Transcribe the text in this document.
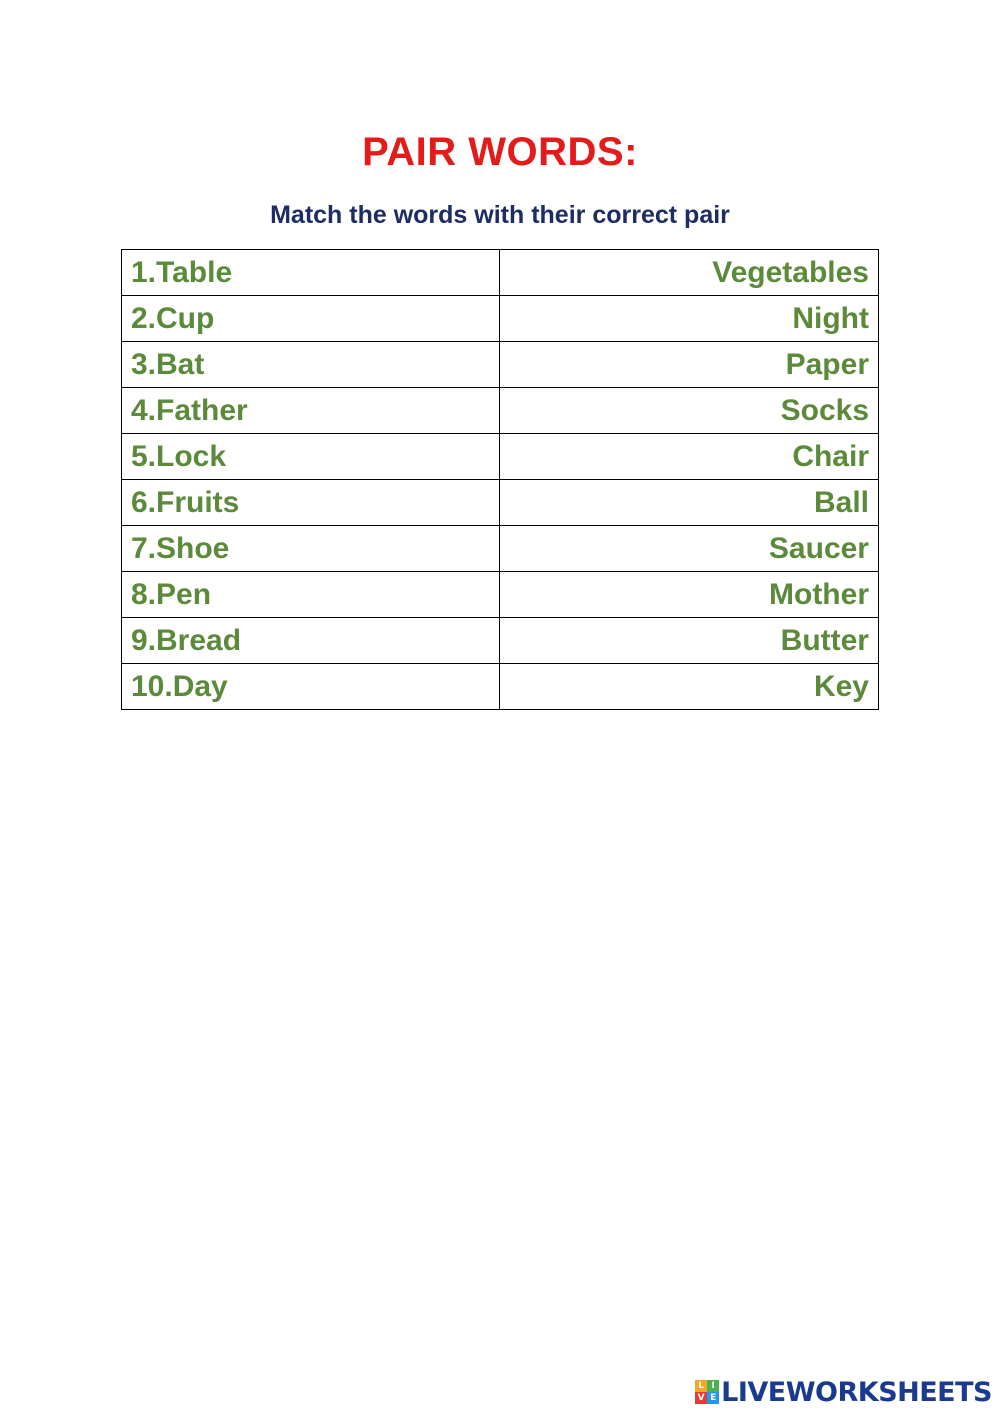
PAIR WORDS:
Match the words with their correct pair
1.Table	Vegetables
2.Cup	Night
3.Bat	Paper
4.Father	Socks
5.Lock	Chair
6.Fruits	Ball
7.Shoe	Saucer
8.Pen	Mother
9.Bread	Butter
10.Day	Key
L I
V E LIVEWORKSHEETS
